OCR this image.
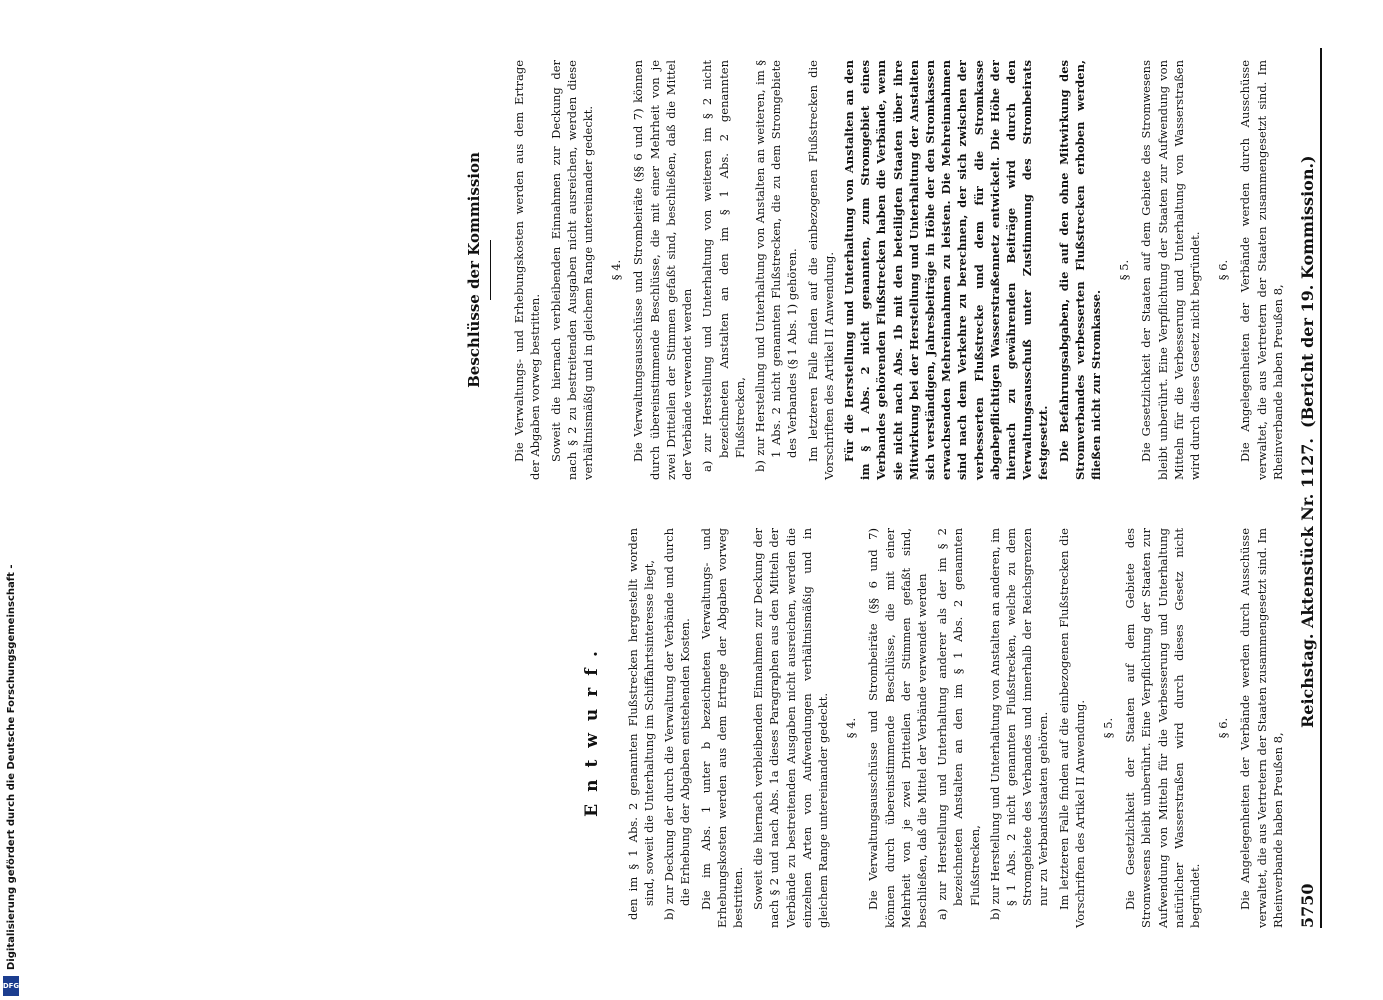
5750
Reichstag. Aktenstück Nr. 1127.
(Bericht der 19. Kommission.)
Entwurf. den im § 1 Abs. 2 genannten Flußstrecken hergestellt worden sind, soweit die Unterhaltung im Schiffahrtsinteresse liegt, b) zur Deckung der durch die Verwaltung der Verbände und durch die Erhebung der Abgaben entstehenden Kosten. Die im Abs. 1 unter b bezeichneten Verwaltungs- und Erhebungskosten werden aus dem Ertrage der Abgaben vorweg bestritten. Soweit die hiernach verbleibenden Einnahmen zur Deckung der nach § 2 und nach Abs. 1a dieses Paragraphen aus den Mitteln der Verbände zu bestreitenden Ausgaben nicht ausreichen, werden die einzelnen Arten von Aufwendungen verhältnismäßig und in gleichem Range untereinander gedeckt. § 4. Die Verwaltungsausschüsse und Strombeiräte (§§ 6 und 7) können durch übereinstimmende Beschlüsse, die mit einer Mehrheit von je zwei Dritteilen der Stimmen gefaßt sind, beschließen, daß die Mittel der Verbände verwendet werden a) zur Herstellung und Unterhaltung anderer als der im § 2 bezeichneten Anstalten an den im § 1 Abs. 2 genannten Flußstrecken, b) zur Herstellung und Unterhaltung von Anstalten an anderen, im § 1 Abs. 2 nicht genannten Flußstrecken, welche zu dem Stromgebiete des Verbandes und innerhalb der Reichsgrenzen nur zu Verbandsstaaten gehören. Im letzteren Falle finden auf die einbezogenen Flußstrecken die Vorschriften des Artikel II Anwendung. § 5. Die Gesetzlichkeit der Staaten auf dem Gebiete des Stromwesens bleibt unberührt. Eine Verpflichtung der Staaten zur Aufwendung von Mitteln für die Verbesserung und Unterhaltung natürlicher Wasserstraßen wird durch dieses Gesetz nicht begründet.

§ 6. Die Angelegenheiten der Verbände werden durch Ausschüsse verwaltet, die aus Vertretern der Staaten zusammengesetzt sind. Im Rheinverbande haben Preußen 8,

Beschlüsse der Kommission	Die Verwaltungs- und Erhebungskosten werden aus dem Ertrage der Abgaben vorweg bestritten. Soweit die hiernach verbleibenden Einnahmen zur Deckung der nach § 2 zu bestreitenden Ausgaben nicht ausreichen, werden diese verhältnismäßig und in gleichem Range untereinander gedeckt. § 4. Die Verwaltungsausschüsse und Strombeiräte (§§ 6 und 7) können durch übereinstimmende Beschlüsse, die mit einer Mehrheit von je zwei Dritteilen der Stimmen gefaßt sind, beschließen, daß die Mittel der Verbände verwendet werden a) zur Herstellung und Unterhaltung von weiteren im § 2 nicht bezeichneten Anstalten an den im § 1 Abs. 2 genannten Flußstrecken, b) zur Herstellung und Unterhaltung von Anstalten an weiteren, im § 1 Abs. 2 nicht genannten Flußstrecken, die zu dem Stromgebiete des Verbandes (§ 1 Abs. 1) gehören. Im letzteren Falle finden auf die einbezogenen Flußstrecken die Vorschriften des Artikel II Anwendung. Für die Herstellung und Unterhaltung von Anstalten an den im § 1 Abs. 2 nicht genannten, zum Stromgebiet eines Verbandes gehörenden Flußstrecken haben die Verbände, wenn sie nicht nach Abs. 1b mit den beteiligten Staaten über ihre Mitwirkung bei der Herstellung und Unterhaltung der Anstalten sich verständigen, Jahresbeiträge in Höhe der den Stromkassen erwachsenden Mehreinnahmen zu leisten. Die Mehreinnahmen sind nach dem Verkehre zu berechnen, der sich zwischen der verbesserten Flußstrecke und dem für die Stromkasse abgabepflichtigen Wasserstraßennetz entwickelt. Die Höhe der hiernach zu gewährenden Beiträge wird durch den Verwaltungsausschuß unter Zustimmung des Strombeirats festgesetzt. Die Befahrungsabgaben, die auf den ohne Mitwirkung des Stromverbandes verbesserten Flußstrecken erhoben werden, fließen nicht zur Stromkasse.

§ 5. Die Gesetzlichkeit der Staaten auf dem Gebiete des Stromwesens bleibt unberührt. Eine Verpflichtung der Staaten zur Aufwendung von Mitteln für die Verbesserung und Unterhaltung von Wasserstraßen wird durch dieses Gesetz nicht begründet. § 6. Die Angelegenheiten der Verbände werden durch Ausschüsse verwaltet, die aus Vertretern der Staaten zusammengesetzt sind. Im Rheinverbande haben Preußen 8,

Digitalisierung gefördert durch die Deutsche Forschungsgemeinschaft -
DFG
